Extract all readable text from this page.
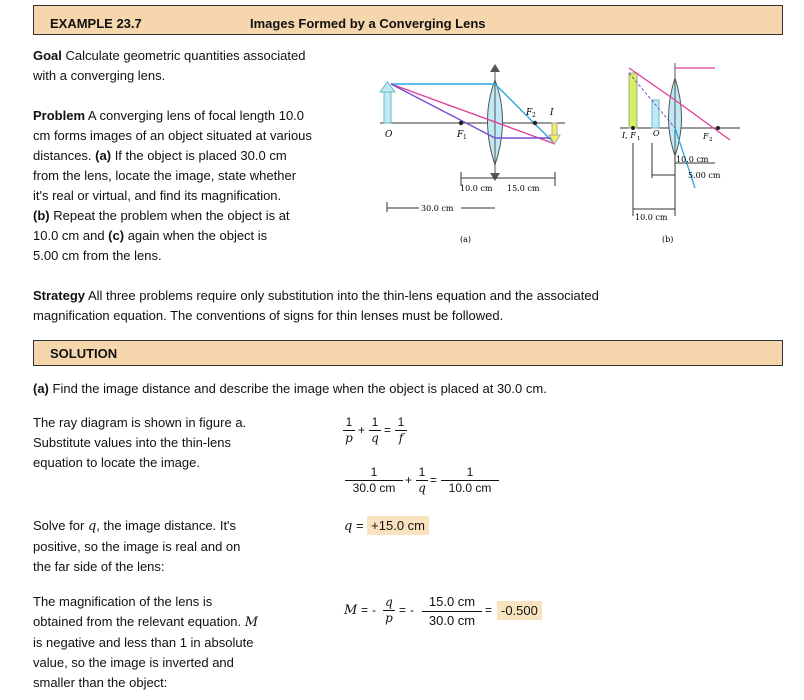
EXAMPLE 23.7	Images Formed by a Converging Lens
Goal Calculate geometric quantities associated
with a converging lens.
Problem A converging lens of focal length 10.0
cm forms images of an object situated at various
distances. (a) If the object is placed 30.0 cm
from the lens, locate the image, state whether
it's real or virtual, and find its magnification.
(b) Repeat the problem when the object is at
10.0 cm and (c) again when the object is
5.00 cm from the lens.
O	F 1
F 2 I
10.0 cm 15.0 cm
30.0 cm
(a)
I, F 1
O	F 2
10.0 cm
5.00 cm
10.0 cm
(b)
Strategy All three problems require only substitution into the thin-lens equation and the associated
magnification equation. The conventions of signs for thin lenses must be followed.
SOLUTION
(a) Find the image distance and describe the image when the object is placed at 30.0 cm.
The ray diagram is shown in figure a.
Substitute values into the thin-lens
equation to locate the image.
$\frac{1}{p} + \frac{1}{q} = \frac{1}{f}$
$\frac{1}{30.0 cm} + \frac{1}{q} = \frac{1}{10.0 cm}$
Solve for q, the image distance. It's
positive, so the image is real and on
the far side of the lens:
q = +15.0 cm
The magnification of the lens is
obtained from the relevant equation. M
is negative and less than 1 in absolute
value, so the image is inverted and
smaller than the object:
M = - $\frac{q}{p}$ = - $\frac{15.0 cm}{30.0 cm} = -0.500$
